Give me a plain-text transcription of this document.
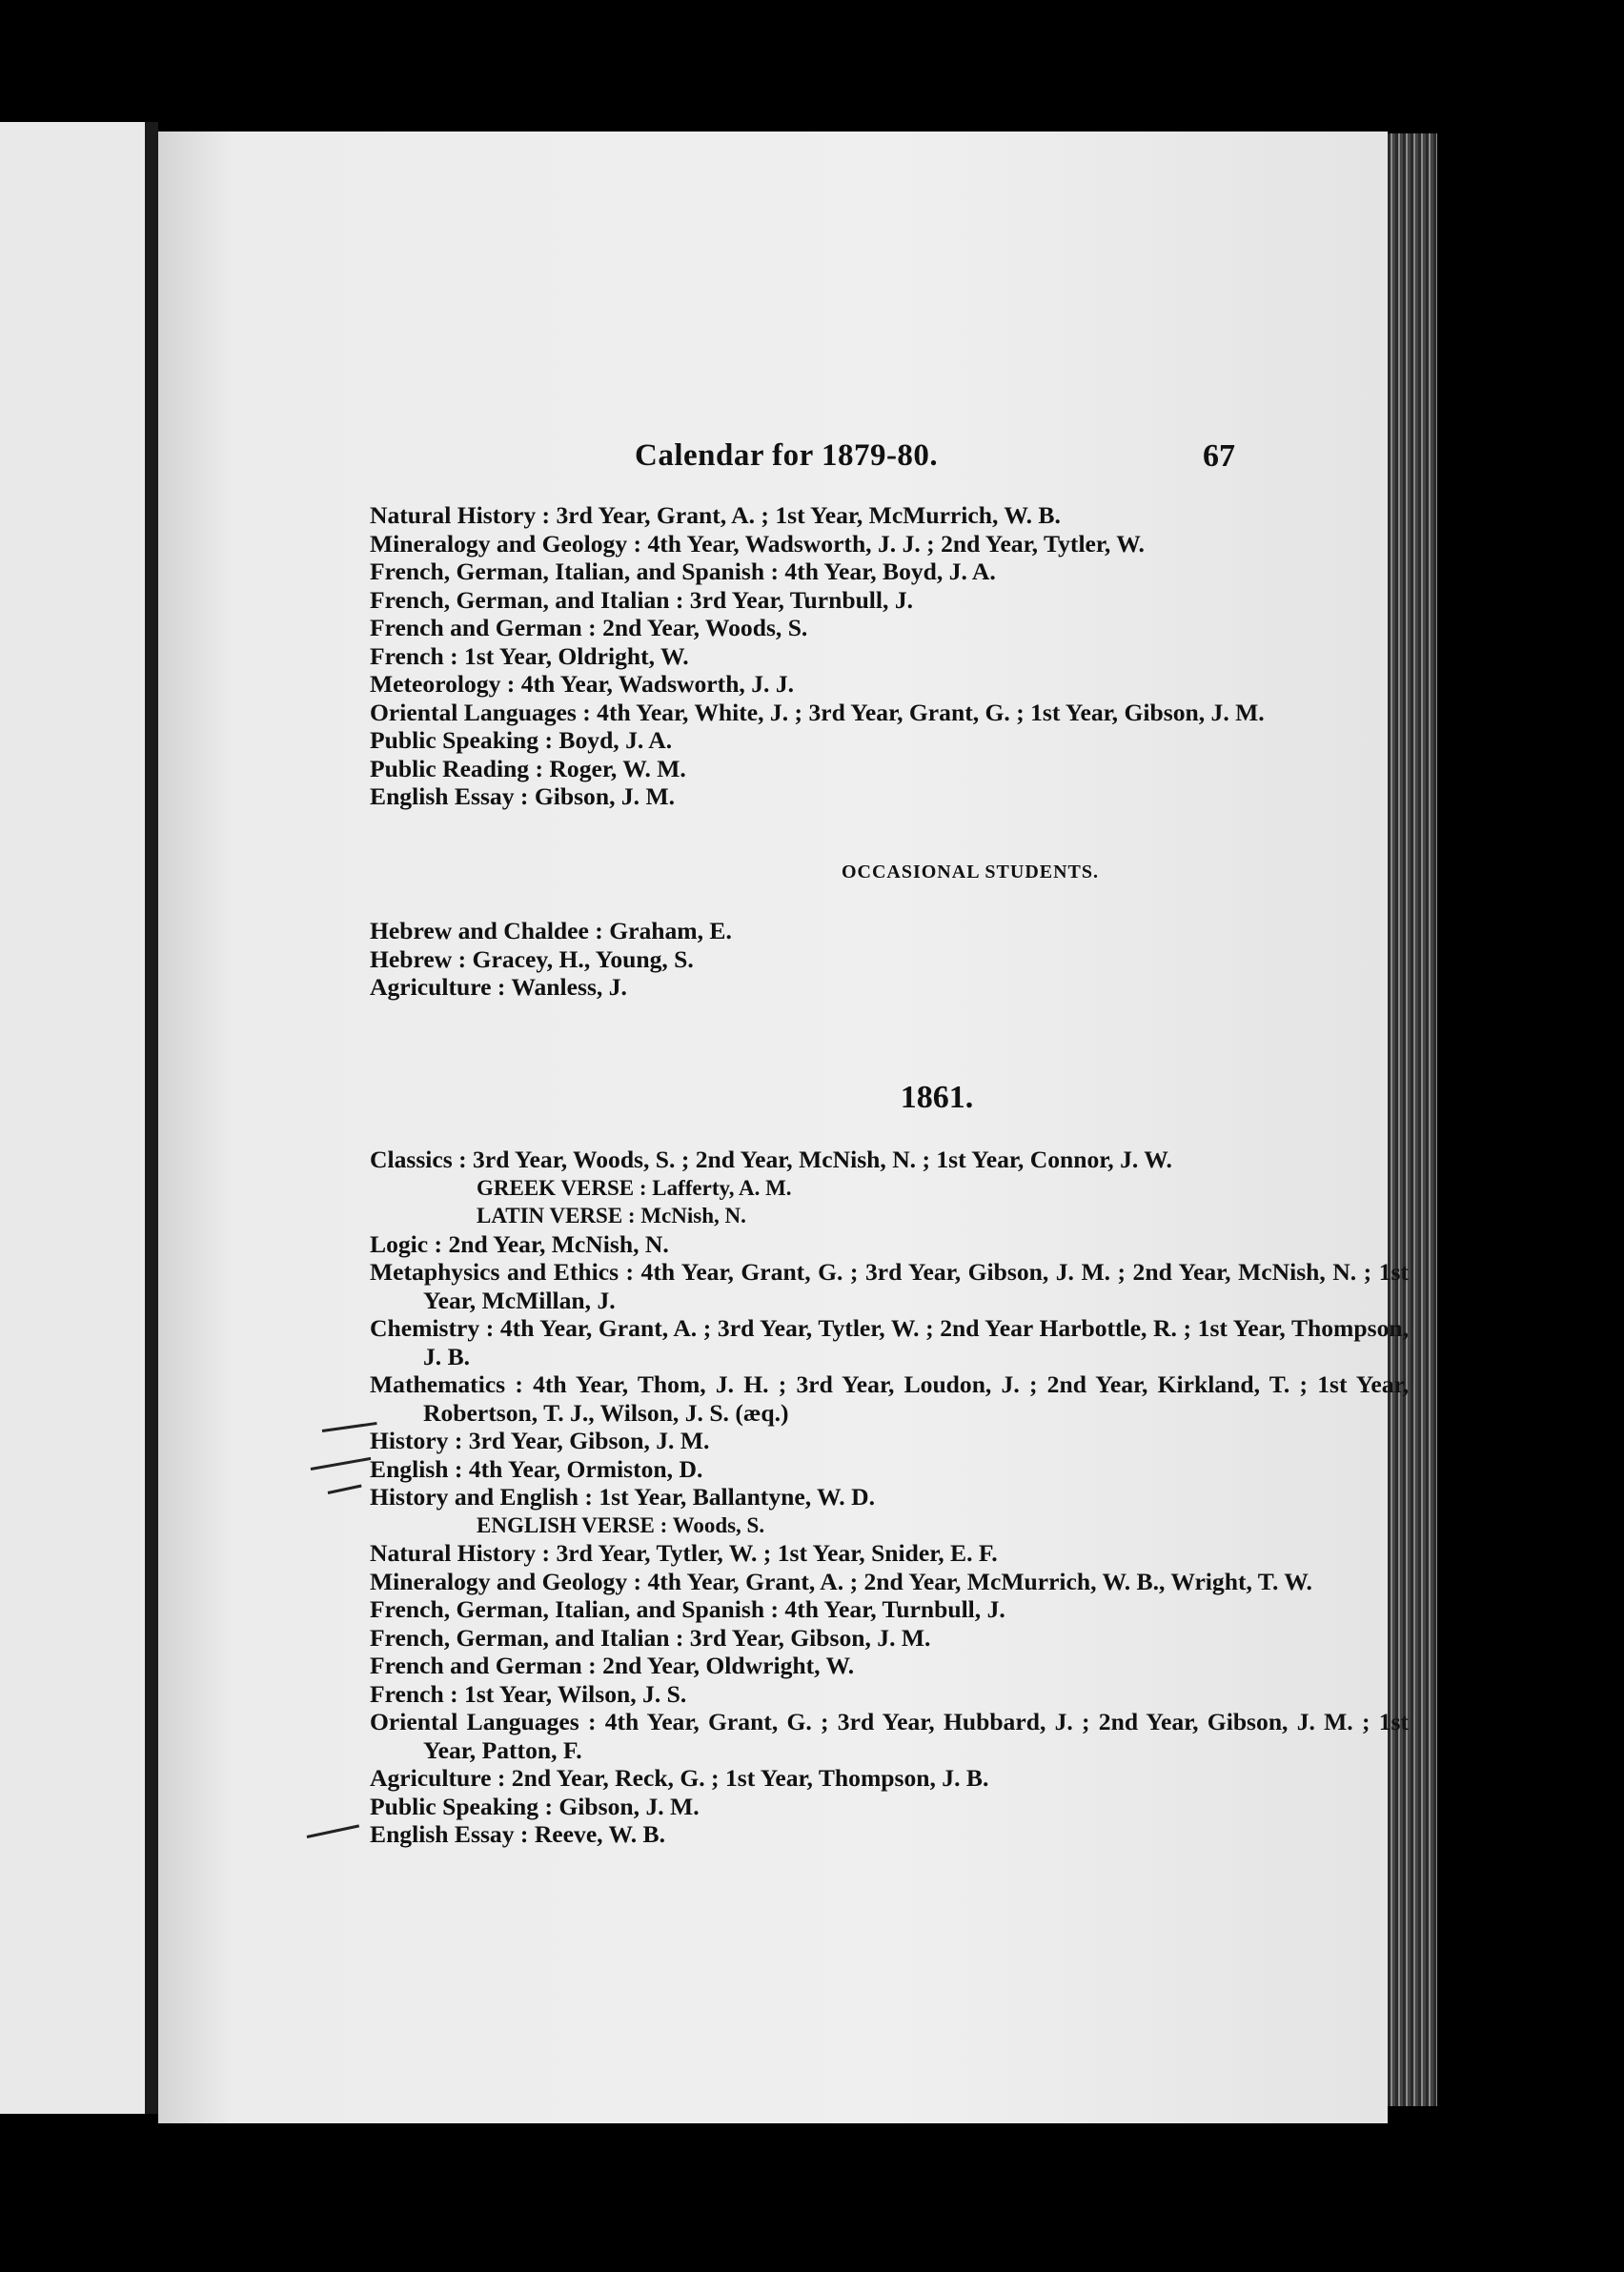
Calendar for 1879-80.	67

Natural History : 3rd Year, Grant, A. ; 1st Year, McMurrich, W. B.

Mineralogy and Geology : 4th Year, Wadsworth, J. J. ; 2nd Year, Tytler, W.

French, German, Italian, and Spanish : 4th Year, Boyd, J. A.

French, German, and Italian : 3rd Year, Turnbull, J.

French and German : 2nd Year, Woods, S.

French : 1st Year, Oldright, W.

Meteorology : 4th Year, Wadsworth, J. J.

Oriental Languages : 4th Year, White, J. ; 3rd Year, Grant, G. ; 1st Year, Gibson, J. M.

Public Speaking : Boyd, J. A.

Public Reading : Roger, W. M.

English Essay : Gibson, J. M.

OCCASIONAL STUDENTS.

Hebrew and Chaldee : Graham, E.

Hebrew : Gracey, H., Young, S.

Agriculture : Wanless, J.

1861.

Classics : 3rd Year, Woods, S. ; 2nd Year, McNish, N. ; 1st Year, Connor, J. W.

GREEK VERSE : Lafferty, A. M.

LATIN VERSE : McNish, N.

Logic : 2nd Year, McNish, N.

Metaphysics and Ethics : 4th Year, Grant, G. ; 3rd Year, Gibson, J. M. ; 2nd Year, McNish, N. ; 1st Year, McMillan, J.

Chemistry : 4th Year, Grant, A. ; 3rd Year, Tytler, W. ; 2nd Year Harbottle, R. ; 1st Year, Thompson, J. B.

Mathematics : 4th Year, Thom, J. H. ; 3rd Year, Loudon, J. ; 2nd Year, Kirkland, T. ; 1st Year, Robertson, T. J., Wilson, J. S. (æq.)

History : 3rd Year, Gibson, J. M.

English : 4th Year, Ormiston, D.

History and English : 1st Year, Ballantyne, W. D.

ENGLISH VERSE : Woods, S.

Natural History : 3rd Year, Tytler, W. ; 1st Year, Snider, E. F.

Mineralogy and Geology : 4th Year, Grant, A. ; 2nd Year, McMurrich, W. B., Wright, T. W.

French, German, Italian, and Spanish : 4th Year, Turnbull, J.

French, German, and Italian : 3rd Year, Gibson, J. M.

French and German : 2nd Year, Oldwright, W.

French : 1st Year, Wilson, J. S.

Oriental Languages : 4th Year, Grant, G. ; 3rd Year, Hubbard, J. ; 2nd Year, Gibson, J. M. ; 1st Year, Patton, F.

Agriculture : 2nd Year, Reck, G. ; 1st Year, Thompson, J. B.

Public Speaking : Gibson, J. M.

English Essay : Reeve, W. B.
